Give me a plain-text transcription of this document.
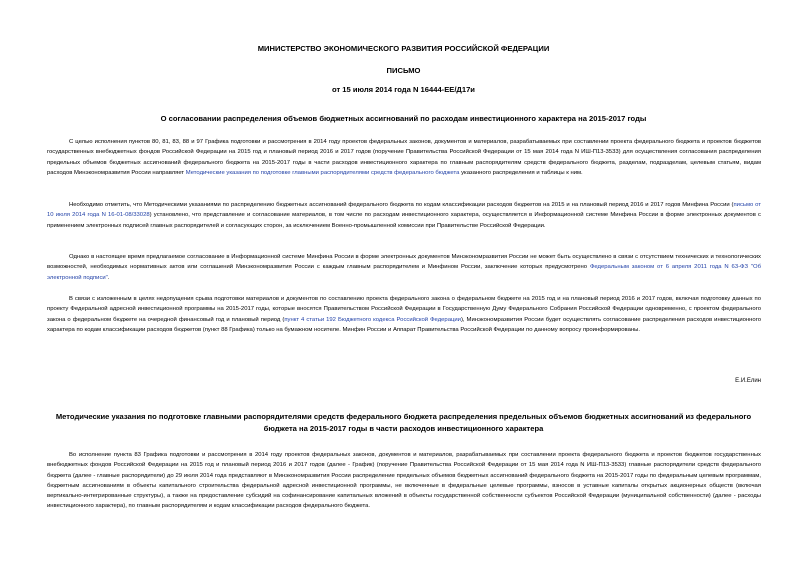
МИНИСТЕРСТВО ЭКОНОМИЧЕСКОГО РАЗВИТИЯ РОССИЙСКОЙ ФЕДЕРАЦИИ
ПИСЬМО
от 15 июля 2014 года N 16444-ЕЕ/Д17и
О согласовании распределения объемов бюджетных ассигнований по расходам инвестиционного характера на 2015-2017 годы

С целью исполнения пунктов 80, 81, 83, 88 и 97 Графика подготовки и рассмотрения в 2014 году проектов федеральных законов, документов и материалов, разрабатываемых при составлении проекта федерального бюджета и проектов бюджетов государственных внебюджетных фондов Российской Федерации на 2015 год и плановый период 2016 и 2017 годов (поручение Правительства Российской Федерации от 15 мая 2014 года N ИШ-П13-3533) для осуществления согласования распределения предельных объемов бюджетных ассигнований федерального бюджета на 2015-2017 годы в части расходов инвестиционного характера по главным распорядителям средств федерального бюджета, разделам, подразделам, целевым статьям, видам расходов Минэкономразвития России направляет Методические указания по подготовке главными распорядителями средств федерального бюджета указанного распределения и таблицы к ним.

Необходимо отметить, что Методическими указаниями по распределению бюджетных ассигнований федерального бюджета по кодам классификации расходов бюджетов на 2015 и на плановый период 2016 и 2017 годов Минфина России (письмо от 10 июля 2014 года N 16-01-08/33028) установлено, что представление и согласование материалов, в том числе по расходам инвестиционного характера, осуществляется в Информационной системе Минфина России в форме электронных документов с применением электронных подписей главных распорядителей и согласующих сторон, за исключением Военно-промышленной комиссии при Правительстве Российской Федерации.

Однако в настоящее время предлагаемое согласование в Информационной системе Минфина России в форме электронных документов Минэкономразвития России не может быть осуществлено в связи с отсутствием технических и технологических возможностей, необходимых нормативных актов или соглашений Минэкономразвития России с каждым главным распорядителем и Минфином России, заключение которых предусмотрено Федеральным законом от 6 апреля 2011 года N 63-ФЗ "Об электронной подписи".

В связи с изложенным в целях недопущения срыва подготовки материалов и документов по составлению проекта федерального закона о федеральном бюджете на 2015 год и на плановый период 2016 и 2017 годов, включая подготовку данных по проекту Федеральной адресной инвестиционной программы на 2015-2017 годы, которые вносятся Правительством Российской Федерации в Государственную Думу Федерального Собрания Российской Федерации одновременно, с проектом федерального закона о федеральном бюджете на очередной финансовый год и плановый период (пункт 4 статьи 192 Бюджетного кодекса Российской Федерации), Минэкономразвития России будет осуществлять согласование распределения расходов инвестиционного характера по кодам классификации расходов бюджетов (пункт 88 Графика) только на бумажном носителе. Минфин России и Аппарат Правительства Российской Федерации по данному вопросу проинформированы.

Е.И.Елин
Методические указания по подготовке главными распорядителями средств федерального бюджета распределения предельных объемов бюджетных ассигнований из федерального бюджета на 2015-2017 годы в части расходов инвестиционного характера

Во исполнение пункта 83 Графика подготовки и рассмотрения в 2014 году проектов федеральных законов, документов и материалов, разрабатываемых при составлении проекта федерального бюджета и проектов бюджетов государственных внебюджетных фондов Российской Федерации на 2015 год и плановый период 2016 и 2017 годов (далее - График) (поручение Правительства Российской Федерации от 15 мая 2014 года N ИШ-П13-3533) главные распорядители средств федерального бюджета (далее - главные распорядители) до 29 июля 2014 года представляют в Минэкономразвития России распределение предельных объемов бюджетных ассигнований федерального бюджета на 2015-2017 годы по федеральным целевым программам, бюджетным ассигнованиям в объекты капитального строительства федеральной адресной инвестиционной программы, не включенные в федеральные целевые программы, взносов в уставные капиталы открытых акционерных обществ (включая вертикально-интегрированные структуры), а также на предоставление субсидий на софинансирование капитальных вложений в объекты государственной собственности субъектов Российской Федерации (муниципальной собственности) (далее - расходы инвестиционного характера), по главным распорядителям и кодам классификации расходов федерального бюджета.
